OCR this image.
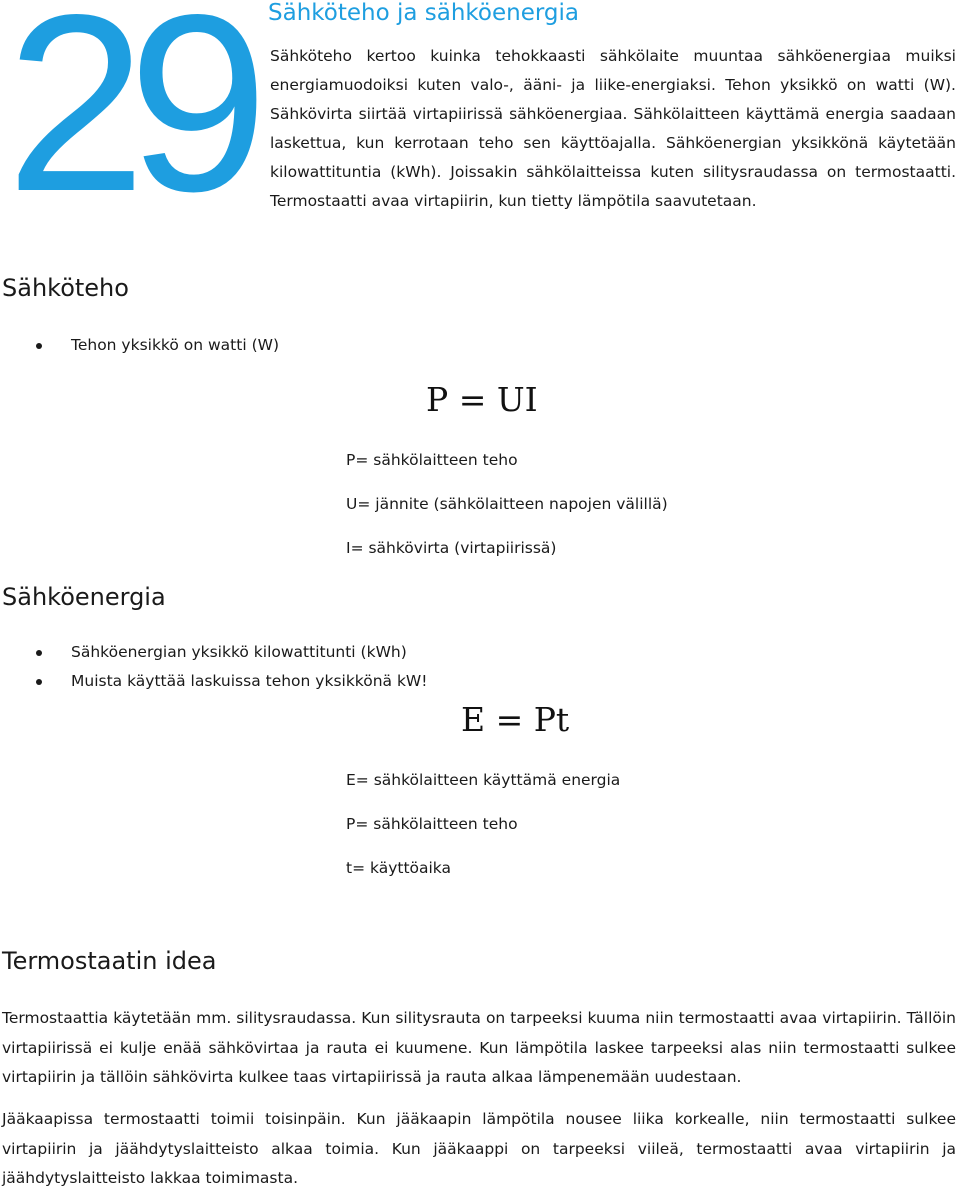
29 Sähköteho ja sähköenergia

Sähköteho kertoo kuinka tehokkaasti sähkölaite muuntaa sähköenergiaa muiksi energiamuodoiksi kuten valo-, ääni- ja liike-energiaksi. Tehon yksikkö on watti (W). Sähkövirta siirtää virtapiirissä sähköenergiaa. Sähkölaitteen käyttämä energia saadaan laskettua, kun kerrotaan teho sen käyttöajalla. Sähköenergian yksikkönä käytetään kilowattituntia (kWh). Joissakin sähkölaitteissa kuten silitysraudassa on termostaatti. Termostaatti avaa virtapiirin, kun tietty lämpötila saavutetaan.

Sähköteho
Tehon yksikkö on watti (W)
P = UI

P= sähkölaitteen teho

U= jännite (sähkölaitteen napojen välillä)

I= sähkövirta (virtapiirissä)

Sähköenergia
Sähköenergian yksikkö kilowattitunti (kWh)
Muista käyttää laskuissa tehon yksikkönä kW!
E = Pt

E= sähkölaitteen käyttämä energia

P= sähkölaitteen teho

t= käyttöaika

Termostaatin idea

Termostaattia käytetään mm. silitysraudassa. Kun silitysrauta on tarpeeksi kuuma niin termostaatti avaa virtapiirin. Tällöin virtapiirissä ei kulje enää sähkövirtaa ja rauta ei kuumene. Kun lämpötila laskee tarpeeksi alas niin termostaatti sulkee virtapiirin ja tällöin sähkövirta kulkee taas virtapiirissä ja rauta alkaa lämpenemään uudestaan.

Jääkaapissa termostaatti toimii toisinpäin. Kun jääkaapin lämpötila nousee liika korkealle, niin termostaatti sulkee virtapiirin ja jäähdytyslaitteisto alkaa toimia. Kun jääkaappi on tarpeeksi viileä, termostaatti avaa virtapiirin ja jäähdytyslaitteisto lakkaa toimimasta.
